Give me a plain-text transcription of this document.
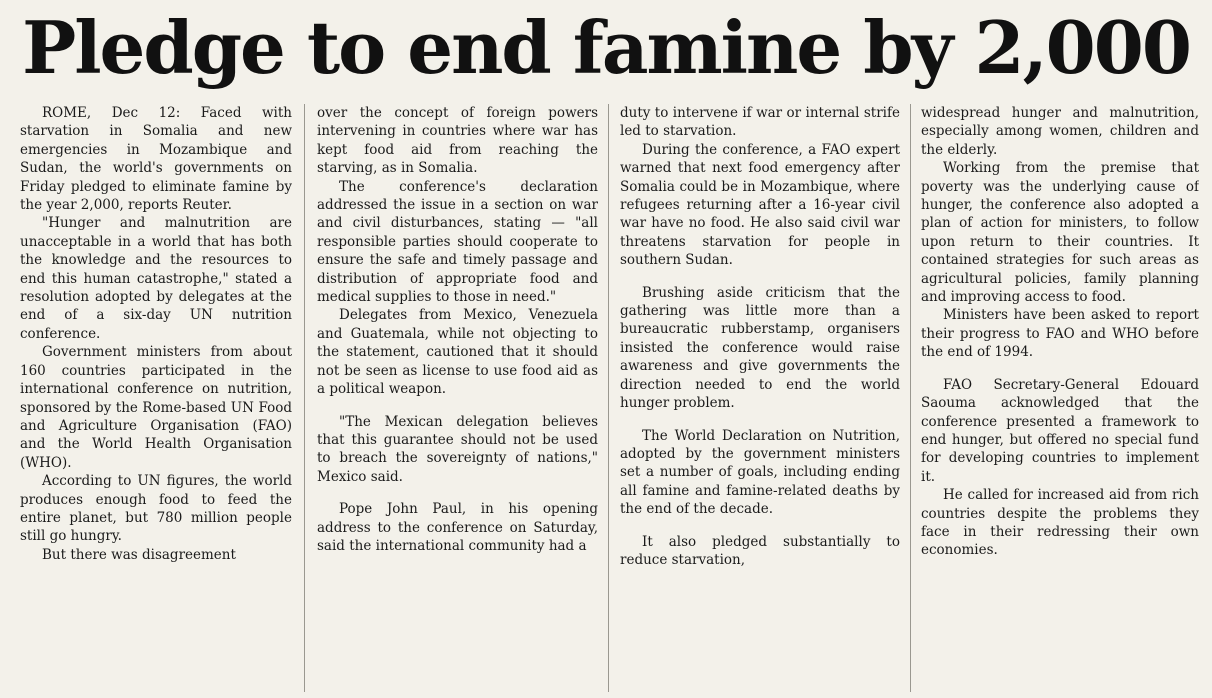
Pledge to end famine by 2,000

ROME, Dec 12: Faced with starvation in Somalia and new emergencies in Mozambique and Sudan, the world's governments on Friday pledged to eliminate famine by the year 2,000, reports Reuter.

"Hunger and malnutrition are unacceptable in a world that has both the knowledge and the resources to end this human catastrophe," stated a resolution adopted by delegates at the end of a six-day UN nutrition conference.

Government ministers from about 160 countries participated in the international conference on nutrition, sponsored by the Rome-based UN Food and Agriculture Organisation (FAO) and the World Health Organisation (WHO).

According to UN figures, the world produces enough food to feed the entire planet, but 780 million people still go hungry.

But there was disagreement

over the concept of foreign powers intervening in countries where war has kept food aid from reaching the starving, as in Somalia.

The conference's declaration addressed the issue in a section on war and civil disturbances, stating — "all responsible parties should cooperate to ensure the safe and timely passage and distribution of appropriate food and medical supplies to those in need."

Delegates from Mexico, Venezuela and Guatemala, while not objecting to the statement, cautioned that it should not be seen as license to use food aid as a political weapon.

"The Mexican delegation believes that this guarantee should not be used to breach the sovereignty of nations," Mexico said.

Pope John Paul, in his opening address to the conference on Saturday, said the international community had a

duty to intervene if war or internal strife led to starvation.

During the conference, a FAO expert warned that next food emergency after Somalia could be in Mozambique, where refugees returning after a 16-year civil war have no food. He also said civil war threatens starvation for people in southern Sudan.

Brushing aside criticism that the gathering was little more than a bureaucratic rubberstamp, organisers insisted the conference would raise awareness and give governments the direction needed to end the world hunger problem.

The World Declaration on Nutrition, adopted by the government ministers set a number of goals, including ending all famine and famine-related deaths by the end of the decade.

It also pledged substantially to reduce starvation,

widespread hunger and malnutrition, especially among women, children and the elderly.

Working from the premise that poverty was the underlying cause of hunger, the conference also adopted a plan of action for ministers, to follow upon return to their countries. It contained strategies for such areas as agricultural policies, family planning and improving access to food.

Ministers have been asked to report their progress to FAO and WHO before the end of 1994.

FAO Secretary-General Edouard Saouma acknowledged that the conference presented a framework to end hunger, but offered no special fund for developing countries to implement it.

He called for increased aid from rich countries despite the problems they face in their redressing their own economies.
